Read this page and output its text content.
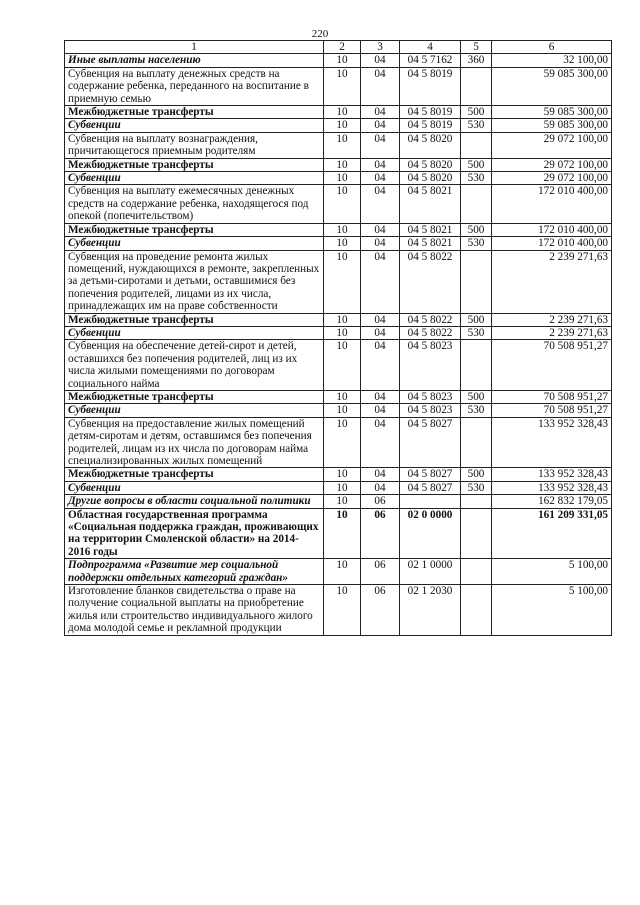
220
1	2	3	4	5	6
Иные выплаты населению	10	04	04 5 7162	360	32 100,00
Субвенция на выплату денежных средств на содержание ребенка, переданного на воспитание в приемную семью	10	04	04 5 8019		59 085 300,00
Межбюджетные трансферты	10	04	04 5 8019	500	59 085 300,00
Субвенции	10	04	04 5 8019	530	59 085 300,00
Субвенция на выплату вознаграждения, причитающегося приемным родителям	10	04	04 5 8020		29 072 100,00
Межбюджетные трансферты	10	04	04 5 8020	500	29 072 100,00
Субвенции	10	04	04 5 8020	530	29 072 100,00
Субвенция на выплату ежемесячных денежных средств на содержание ребенка, находящегося под опекой (попечительством)	10	04	04 5 8021		172 010 400,00
Межбюджетные трансферты	10	04	04 5 8021	500	172 010 400,00
Субвенции	10	04	04 5 8021	530	172 010 400,00
Субвенция на проведение ремонта жилых помещений, нуждающихся в ремонте, закрепленных за детьми-сиротами и детьми, оставшимися без попечения родителей, лицами из их числа, принадлежащих им на праве собственности	10	04	04 5 8022		2 239 271,63
Межбюджетные трансферты	10	04	04 5 8022	500	2 239 271,63
Субвенции	10	04	04 5 8022	530	2 239 271,63
Субвенция на обеспечение детей-сирот и детей, оставшихся без попечения родителей, лиц из их числа жилыми помещениями по договорам социального найма	10	04	04 5 8023		70 508 951,27
Межбюджетные трансферты	10	04	04 5 8023	500	70 508 951,27
Субвенции	10	04	04 5 8023	530	70 508 951,27
Субвенция на предоставление жилых помещений детям-сиротам и детям, оставшимся без попечения родителей, лицам из их числа по договорам найма специализированных жилых помещений	10	04	04 5 8027		133 952 328,43
Межбюджетные трансферты	10	04	04 5 8027	500	133 952 328,43
Субвенции	10	04	04 5 8027	530	133 952 328,43
Другие вопросы в области социальной политики	10	06			162 832 179,05
Областная государственная программа «Социальная поддержка граждан, проживающих на территории Смоленской области» на 2014-2016 годы	10	06	02 0 0000		161 209 331,05
Подпрограмма «Развитие мер социальной поддержки отдельных категорий граждан»	10	06	02 1 0000		5 100,00
Изготовление бланков свидетельства о праве на получение социальной выплаты на приобретение жилья или строительство индивидуального жилого дома молодой семье и рекламной продукции	10	06	02 1 2030		5 100,00
